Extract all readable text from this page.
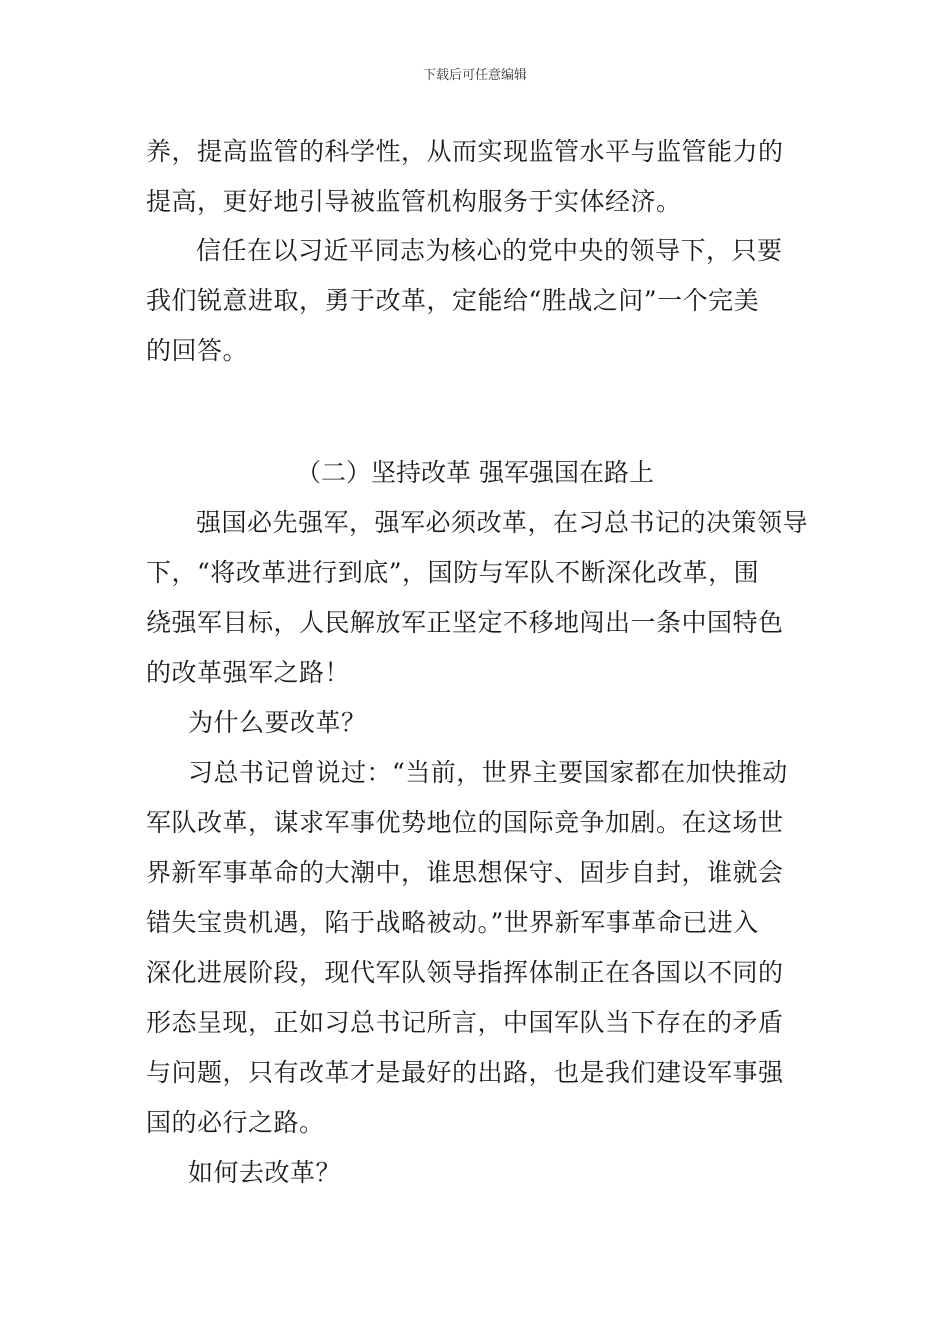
下载后可任意编辑
养，提高监管的科学性，从而实现监管水平与监管能力的
提高，更好地引导被监管机构服务于实体经济。
信任在以习近平同志为核心的党中央的领导下，只要
我们锐意进取，勇于改革，定能给“胜战之问”一个完美
的回答。
（二）坚持改革 强军强国在路上
强国必先强军，强军必须改革，在习总书记的决策领导
下，“将改革进行到底”，国防与军队不断深化改革，围
绕强军目标，人民解放军正坚定不移地闯出一条中国特色
的改革强军之路！
为什么要改革？
习总书记曾说过：“当前，世界主要国家都在加快推动
军队改革，谋求军事优势地位的国际竞争加剧。在这场世
界新军事革命的大潮中，谁思想保守、固步自封，谁就会
错失宝贵机遇，陷于战略被动。”世界新军事革命已进入
深化进展阶段，现代军队领导指挥体制正在各国以不同的
形态呈现，正如习总书记所言，中国军队当下存在的矛盾
与问题，只有改革才是最好的出路，也是我们建设军事强
国的必行之路。
如何去改革？
